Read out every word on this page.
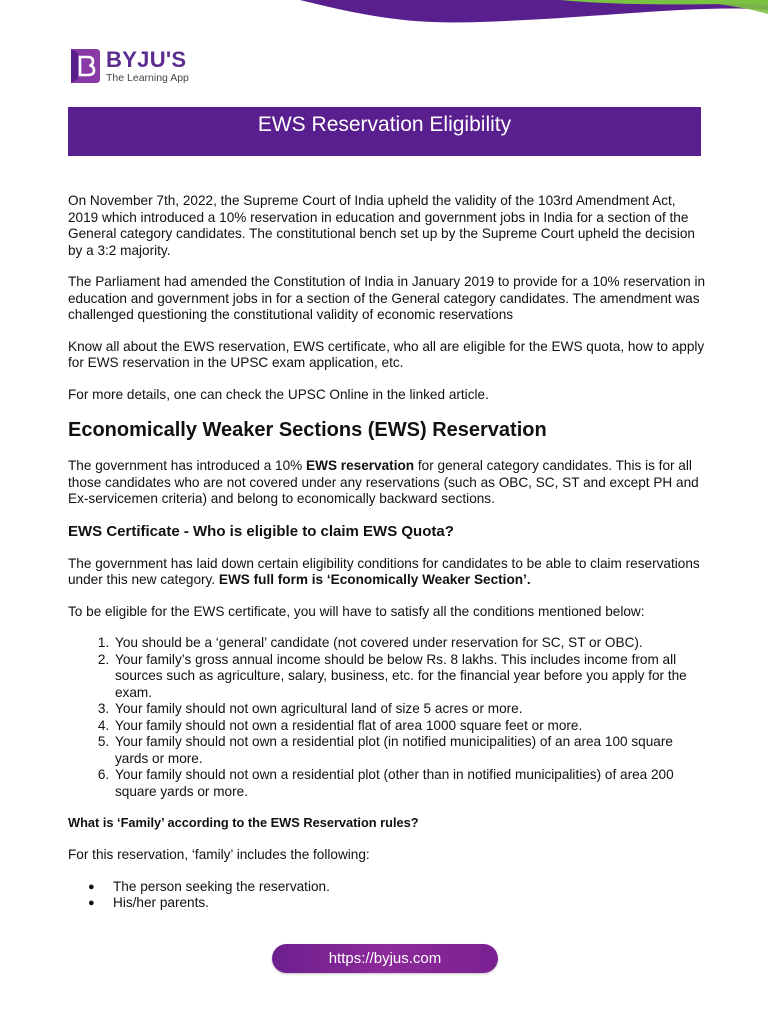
BYJU'S
The Learning App
EWS Reservation Eligibility

On November 7th, 2022, the Supreme Court of India upheld the validity of the 103rd Amendment Act, 2019 which introduced a 10% reservation in education and government jobs in India for a section of the General category candidates. The constitutional bench set up by the Supreme Court upheld the decision by a 3:2 majority.

The Parliament had amended the Constitution of India in January 2019 to provide for a 10% reservation in education and government jobs in for a section of the General category candidates. The amendment was challenged questioning the constitutional validity of economic reservations

Know all about the EWS reservation, EWS certificate, who all are eligible for the EWS quota, how to apply for EWS reservation in the UPSC exam application, etc.

For more details, one can check the UPSC Online in the linked article.

Economically Weaker Sections (EWS) Reservation

The government has introduced a 10% EWS reservation for general category candidates. This is for all those candidates who are not covered under any reservations (such as OBC, SC, ST and except PH and Ex-servicemen criteria) and belong to economically backward sections.

EWS Certificate - Who is eligible to claim EWS Quota?

The government has laid down certain eligibility conditions for candidates to be able to claim reservations under this new category. EWS full form is ‘Economically Weaker Section’.

To be eligible for the EWS certificate, you will have to satisfy all the conditions mentioned below:

1. You should be a ‘general’ candidate (not covered under reservation for SC, ST or OBC).
2. Your family’s gross annual income should be below Rs. 8 lakhs. This includes income from all sources such as agriculture, salary, business, etc. for the financial year before you apply for the exam.
3. Your family should not own agricultural land of size 5 acres or more.
4. Your family should not own a residential flat of area 1000 square feet or more.
5. Your family should not own a residential plot (in notified municipalities) of an area 100 square yards or more.
6. Your family should not own a residential plot (other than in notified municipalities) of area 200 square yards or more.
What is ‘Family’ according to the EWS Reservation rules?

For this reservation, ‘family’ includes the following:

● The person seeking the reservation.
● His/her parents.
https://byjus.com
